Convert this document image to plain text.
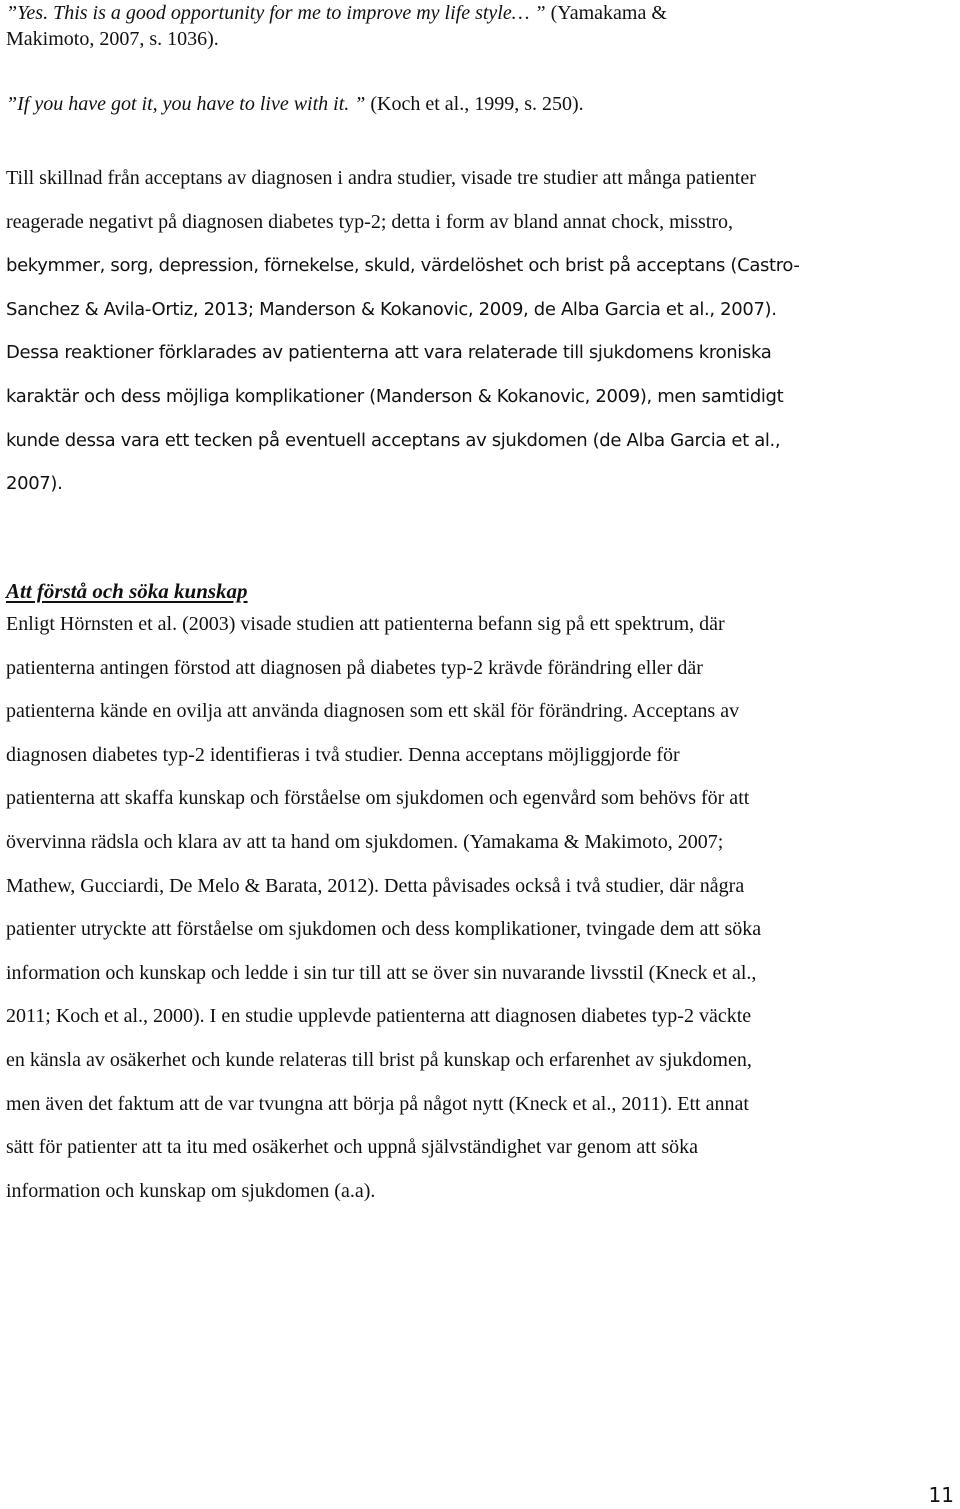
”Yes. This is a good opportunity for me to improve my life style… ” (Yamakama &
Makimoto, 2007, s. 1036).
”If you have got it, you have to live with it. ” (Koch et al., 1999, s. 250).

Till skillnad från acceptans av diagnosen i andra studier, visade tre studier att många patienter
reagerade negativt på diagnosen diabetes typ-2; detta i form av bland annat chock, misstro,
bekymmer, sorg, depression, förnekelse, skuld, värdelöshet och brist på acceptans (Castro-
Sanchez & Avila-Ortiz, 2013; Manderson & Kokanovic, 2009, de Alba Garcia et al., 2007).
Dessa reaktioner förklarades av patienterna att vara relaterade till sjukdomens kroniska
karaktär och dess möjliga komplikationer (Manderson & Kokanovic, 2009), men samtidigt
kunde dessa vara ett tecken på eventuell acceptans av sjukdomen (de Alba Garcia et al.,
2007).

Att förstå och söka kunskap

Enligt Hörnsten et al. (2003) visade studien att patienterna befann sig på ett spektrum, där
patienterna antingen förstod att diagnosen på diabetes typ-2 krävde förändring eller där
patienterna kände en ovilja att använda diagnosen som ett skäl för förändring. Acceptans av
diagnosen diabetes typ-2 identifieras i två studier. Denna acceptans möjliggjorde för
patienterna att skaffa kunskap och förståelse om sjukdomen och egenvård som behövs för att
övervinna rädsla och klara av att ta hand om sjukdomen. (Yamakama & Makimoto, 2007;
Mathew, Gucciardi, De Melo & Barata, 2012). Detta påvisades också i två studier, där några
patienter utryckte att förståelse om sjukdomen och dess komplikationer, tvingade dem att söka
information och kunskap och ledde i sin tur till att se över sin nuvarande livsstil (Kneck et al.,
2011; Koch et al., 2000). I en studie upplevde patienterna att diagnosen diabetes typ-2 väckte
en känsla av osäkerhet och kunde relateras till brist på kunskap och erfarenhet av sjukdomen,
men även det faktum att de var tvungna att börja på något nytt (Kneck et al., 2011). Ett annat
sätt för patienter att ta itu med osäkerhet och uppnå självständighet var genom att söka
information och kunskap om sjukdomen (a.a).

11
